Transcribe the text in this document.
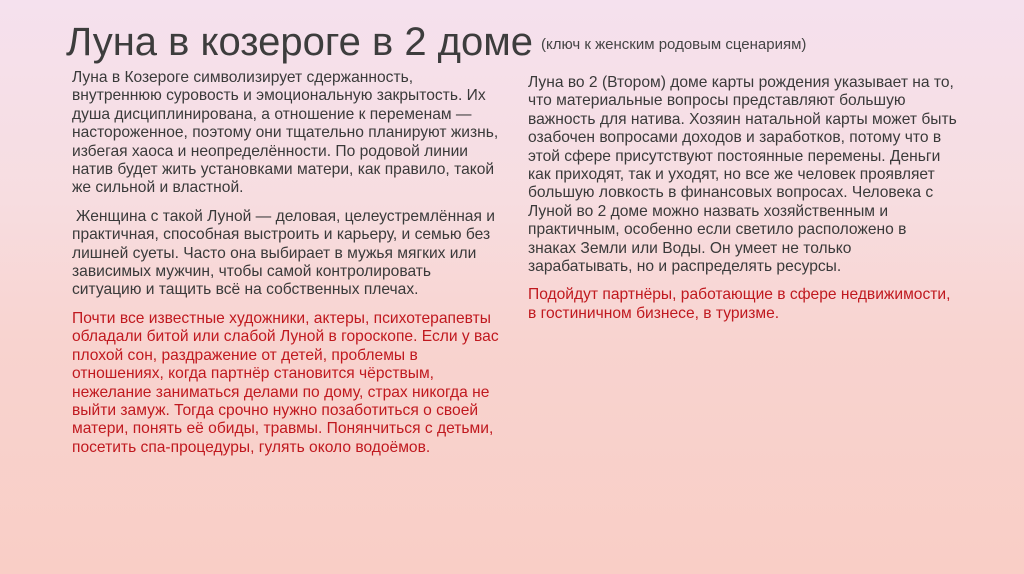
Луна в козероге в 2 доме $^{(ключ к женским родовым сценариям)}$

Луна в Козероге символизирует сдержанность, внутреннюю суровость и эмоциональную закрытость. Их душа дисциплинирована, а отношение к переменам — настороженное, поэтому они тщательно планируют жизнь, избегая хаоса и неопределённости. По родовой линии натив будет жить установками матери, как правило, такой же сильной и властной.

Женщина с такой Луной — деловая, целеустремлённая и практичная, способная выстроить и карьеру, и семью без лишней суеты. Часто она выбирает в мужья мягких или зависимых мужчин, чтобы самой контролировать ситуацию и тащить всё на собственных плечах.

Почти все известные художники, актеры, психотерапевты обладали битой или слабой Луной в гороскопе. Если у вас плохой сон, раздражение от детей, проблемы в отношениях, когда партнёр становится чёрствым, нежелание заниматься делами по дому, страх никогда не выйти замуж. Тогда срочно нужно позаботиться о своей матери, понять её обиды, травмы. Понянчиться с детьми, посетить спа-процедуры, гулять около водоёмов.

Луна во 2 (Втором) доме карты рождения указывает на то, что материальные вопросы представляют большую важность для натива. Хозяин натальной карты может быть озабочен вопросами доходов и заработков, потому что в этой сфере присутствуют постоянные перемены. Деньги как приходят, так и уходят, но все же человек проявляет большую ловкость в финансовых вопросах. Человека с Луной во 2 доме можно назвать хозяйственным и практичным, особенно если светило расположено в знаках Земли или Воды. Он умеет не только зарабатывать, но и распределять ресурсы.

Подойдут партнёры, работающие в сфере недвижимости, в гостиничном бизнесе, в туризме.
